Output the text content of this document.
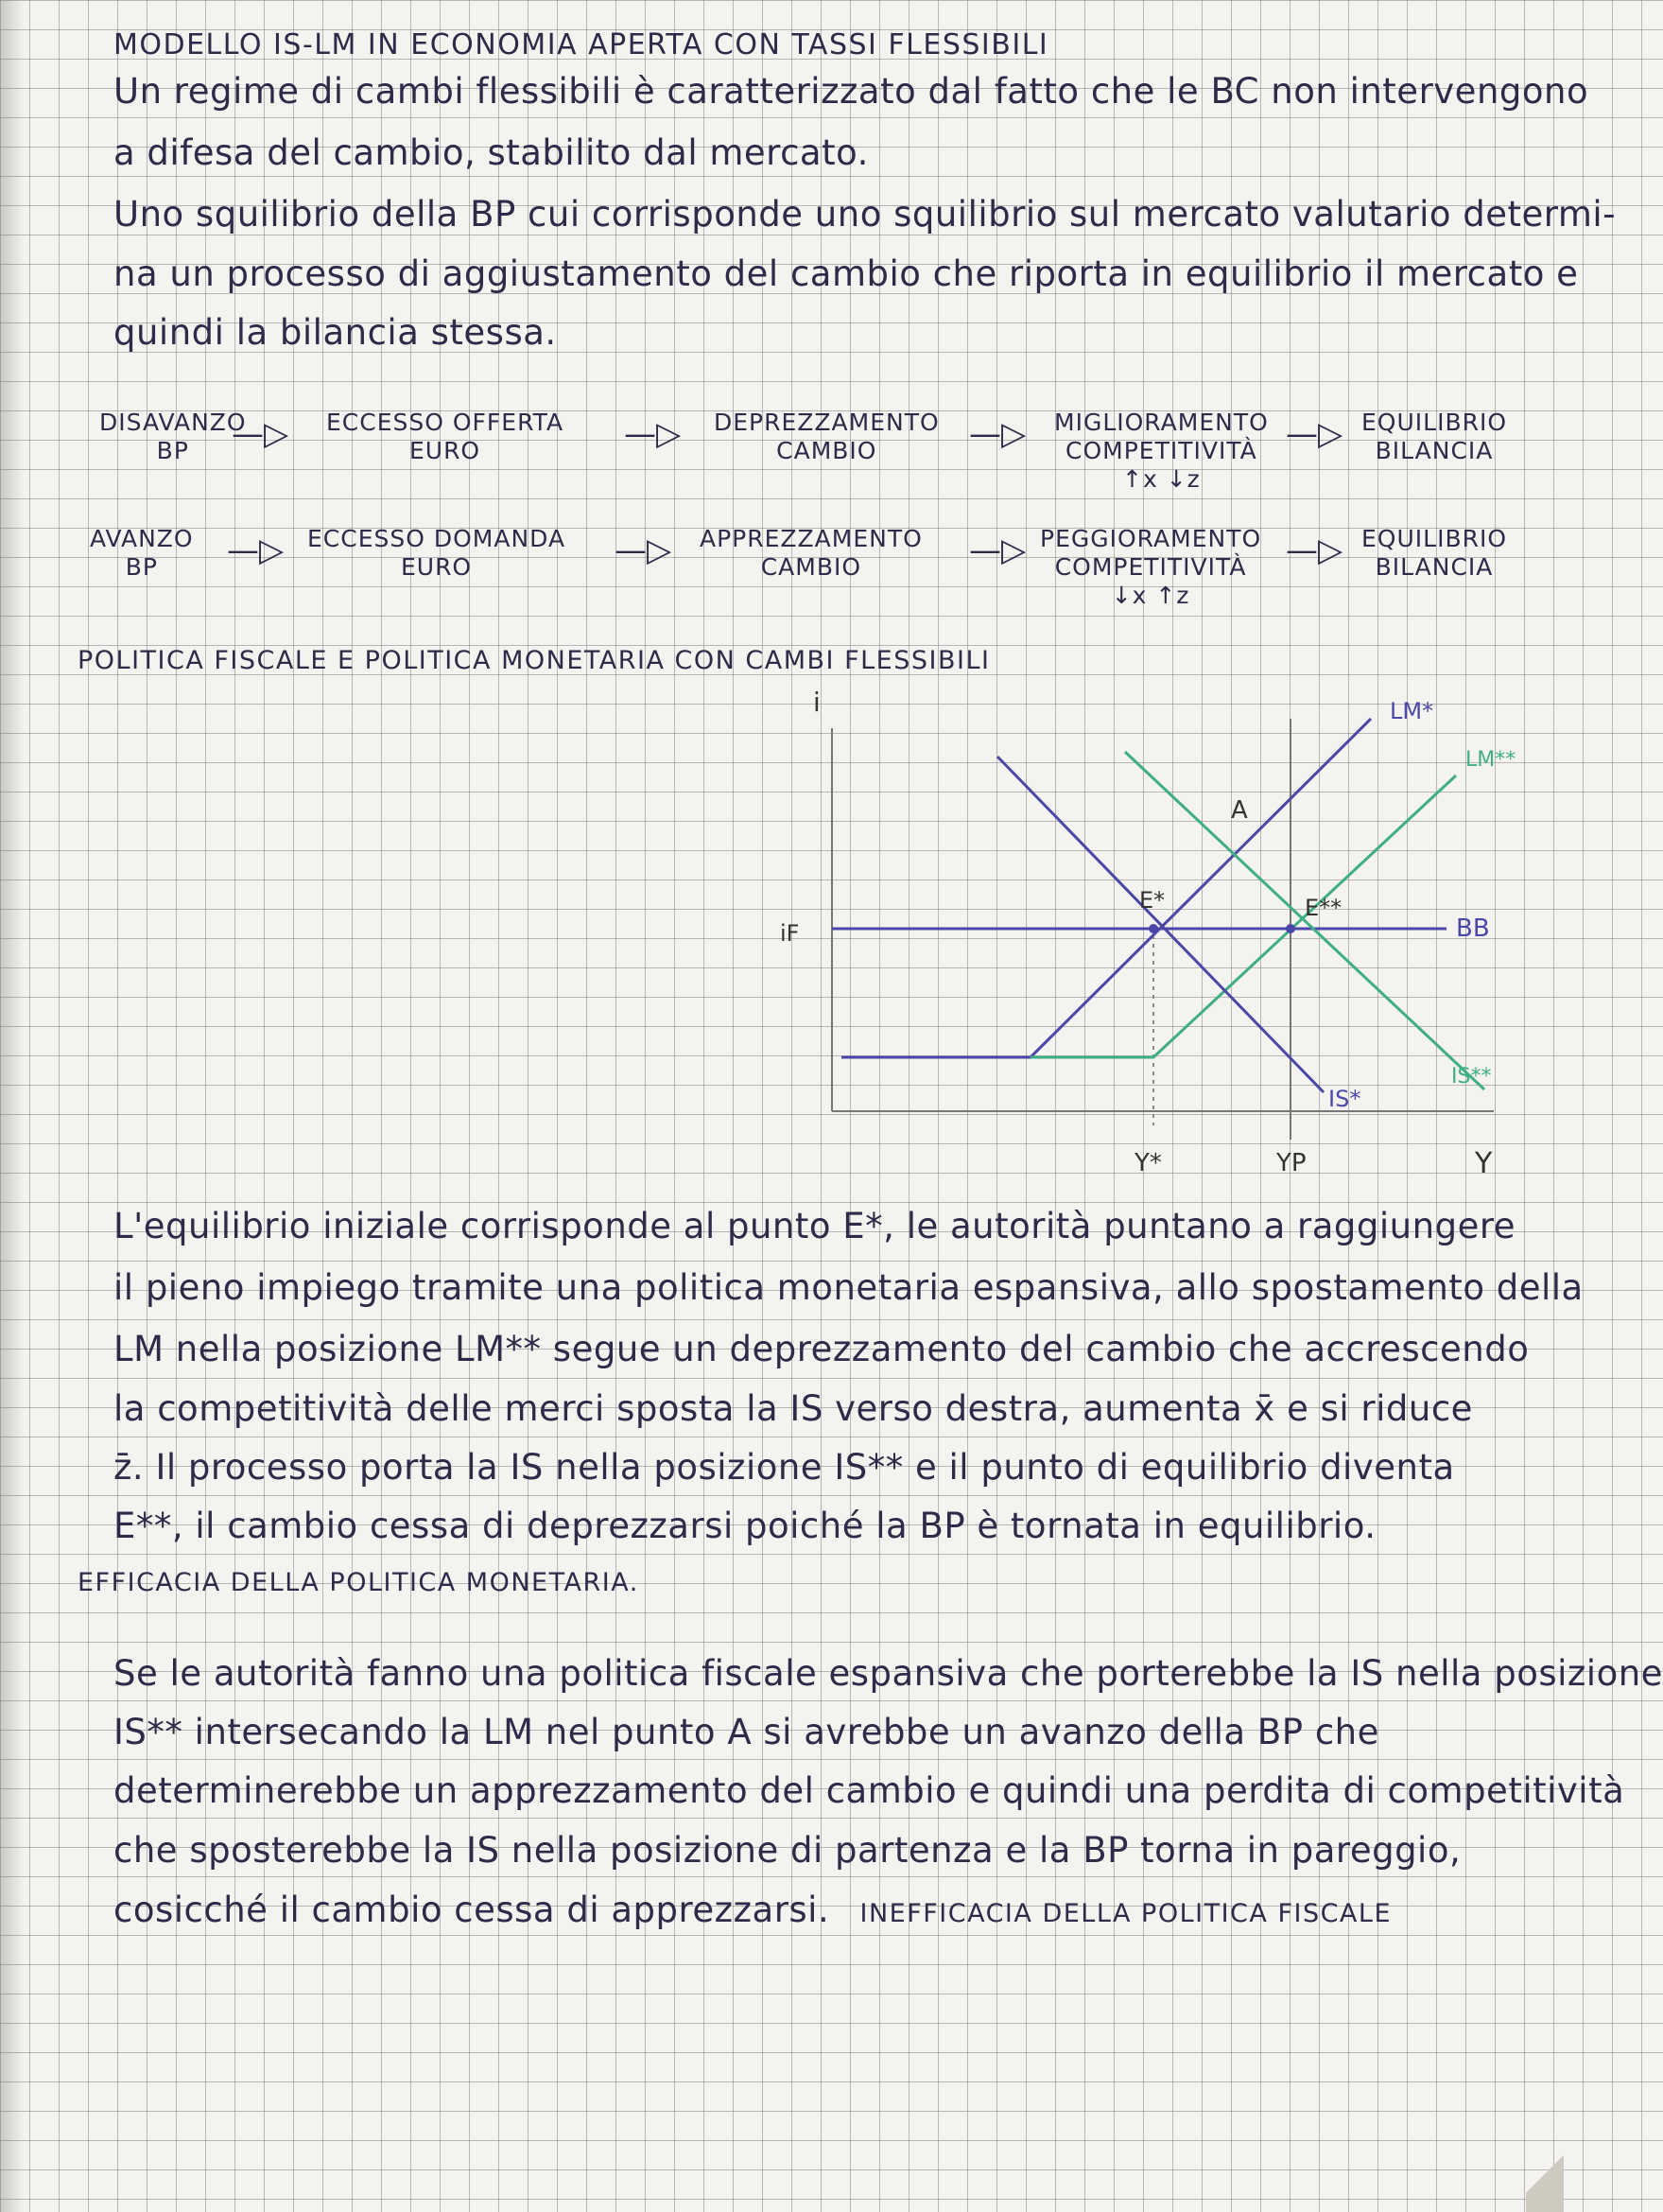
MODELLO IS-LM IN ECONOMIA APERTA CON TASSI FLESSIBILI
Un regime di cambi flessibili è caratterizzato dal fatto che le BC non intervengono
a difesa del cambio, stabilito dal mercato.
Uno squilibrio della BP cui corrisponde uno squilibrio sul mercato valutario determi-
na un processo di aggiustamento del cambio che riporta in equilibrio il mercato e
quindi la bilancia stessa.
DISAVANZO
BP	—▷ ECCESSO OFFERTA
EURO	—▷ DEPREZZAMENTO
CAMBIO	—▷ MIGLIORAMENTO
COMPETITIVITÀ
↑x ↓z
—▷ EQUILIBRIO
BILANCIA
AVANZO
BP	—▷ ECCESSO DOMANDA
EURO	—▷ APPREZZAMENTO
CAMBIO	—▷ PEGGIORAMENTO
COMPETITIVITÀ
↓x ↑z
—▷ EQUILIBRIO
BILANCIA
POLITICA FISCALE E POLITICA MONETARIA CON CAMBI FLESSIBILI
i
Y
LM*
LM**
IS*
IS**
BB
E*	E**
A
iF
Y*	YP
L'equilibrio iniziale corrisponde al punto E*, le autorità puntano a raggiungere
il pieno impiego tramite una politica monetaria espansiva, allo spostamento della
LM nella posizione LM** segue un deprezzamento del cambio che accrescendo
la competitività delle merci sposta la IS verso destra, aumenta x̄ e si riduce
z̄. Il processo porta la IS nella posizione IS** e il punto di equilibrio diventa
E**, il cambio cessa di deprezzarsi poiché la BP è tornata in equilibrio.
EFFICACIA DELLA POLITICA MONETARIA.
Se le autorità fanno una politica fiscale espansiva che porterebbe la IS nella posizione
IS** intersecando la LM nel punto A si avrebbe un avanzo della BP che
determinerebbe un apprezzamento del cambio e quindi una perdita di competitività
che sposterebbe la IS nella posizione di partenza e la BP torna in pareggio,
cosicché il cambio cessa di apprezzarsi. INEFFICACIA DELLA POLITICA FISCALE
